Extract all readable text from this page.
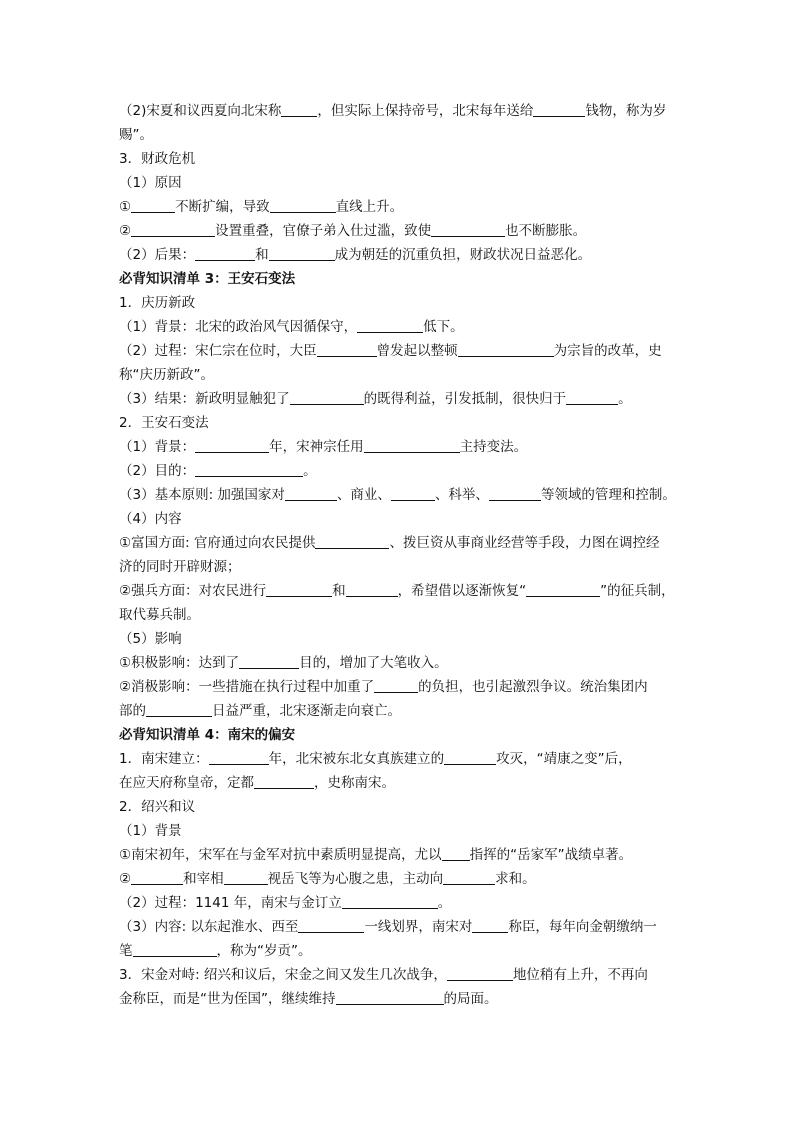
（2)宋夏和议西夏向北宋称	，但实际上保持帝号，北宋每年送给	钱物，称为岁
赐”。
3．财政危机
（1）原因
①	不断扩编，导致	直线上升。
②	设置重叠，官僚子弟入仕过滥，致使	也不断膨胀。
（2）后果：	和	成为朝廷的沉重负担，财政状况日益恶化。
必背知识清单 3：王安石变法
1．庆历新政
（1）背景：北宋的政治风气因循保守，	低下。
（2）过程：宋仁宗在位时，大臣	曾发起以整顿	为宗旨的改革，史
称“庆历新政”。
（3）结果：新政明显触犯了	的既得利益，引发抵制，很快归于	。
2．王安石变法
（1）背景：	年，宋神宗任用	主持变法。
（2）目的：	。
（3）基本原则: 加强国家对	、商业、	、科举、	等领域的管理和控制。
（4）内容
①富国方面: 官府通过向农民提供	、拨巨资从事商业经营等手段，力图在调控经
济的同时开辟财源；
②强兵方面：对农民进行	和	，希望借以逐渐恢复“	”的征兵制，
取代募兵制。
（5）影响
①积极影响：达到了	目的，增加了大笔收入。
②消极影响：一些措施在执行过程中加重了	的负担，也引起激烈争议。统治集团内
部的	日益严重，北宋逐渐走向衰亡。
必背知识清单 4：南宋的偏安
1．南宋建立：	年，北宋被东北女真族建立的	攻灭，“靖康之变”后，
在应天府称皇帝，定都	，史称南宋。
2．绍兴和议
（1）背景
①南宋初年，宋军在与金军对抗中素质明显提高，尤以 指挥的“岳家军”战绩卓著。
②	和宰相	视岳飞等为心腹之患，主动向	求和。
（2）过程：1141 年，南宋与金订立	。
（3）内容: 以东起淮水、西至	一线划界，南宋对	称臣，每年向金朝缴纳一
笔	，称为“岁贡”。
3．宋金对峙: 绍兴和议后，宋金之间又发生几次战争，	地位稍有上升，不再向
金称臣，而是“世为侄国”，继续维持	的局面。
